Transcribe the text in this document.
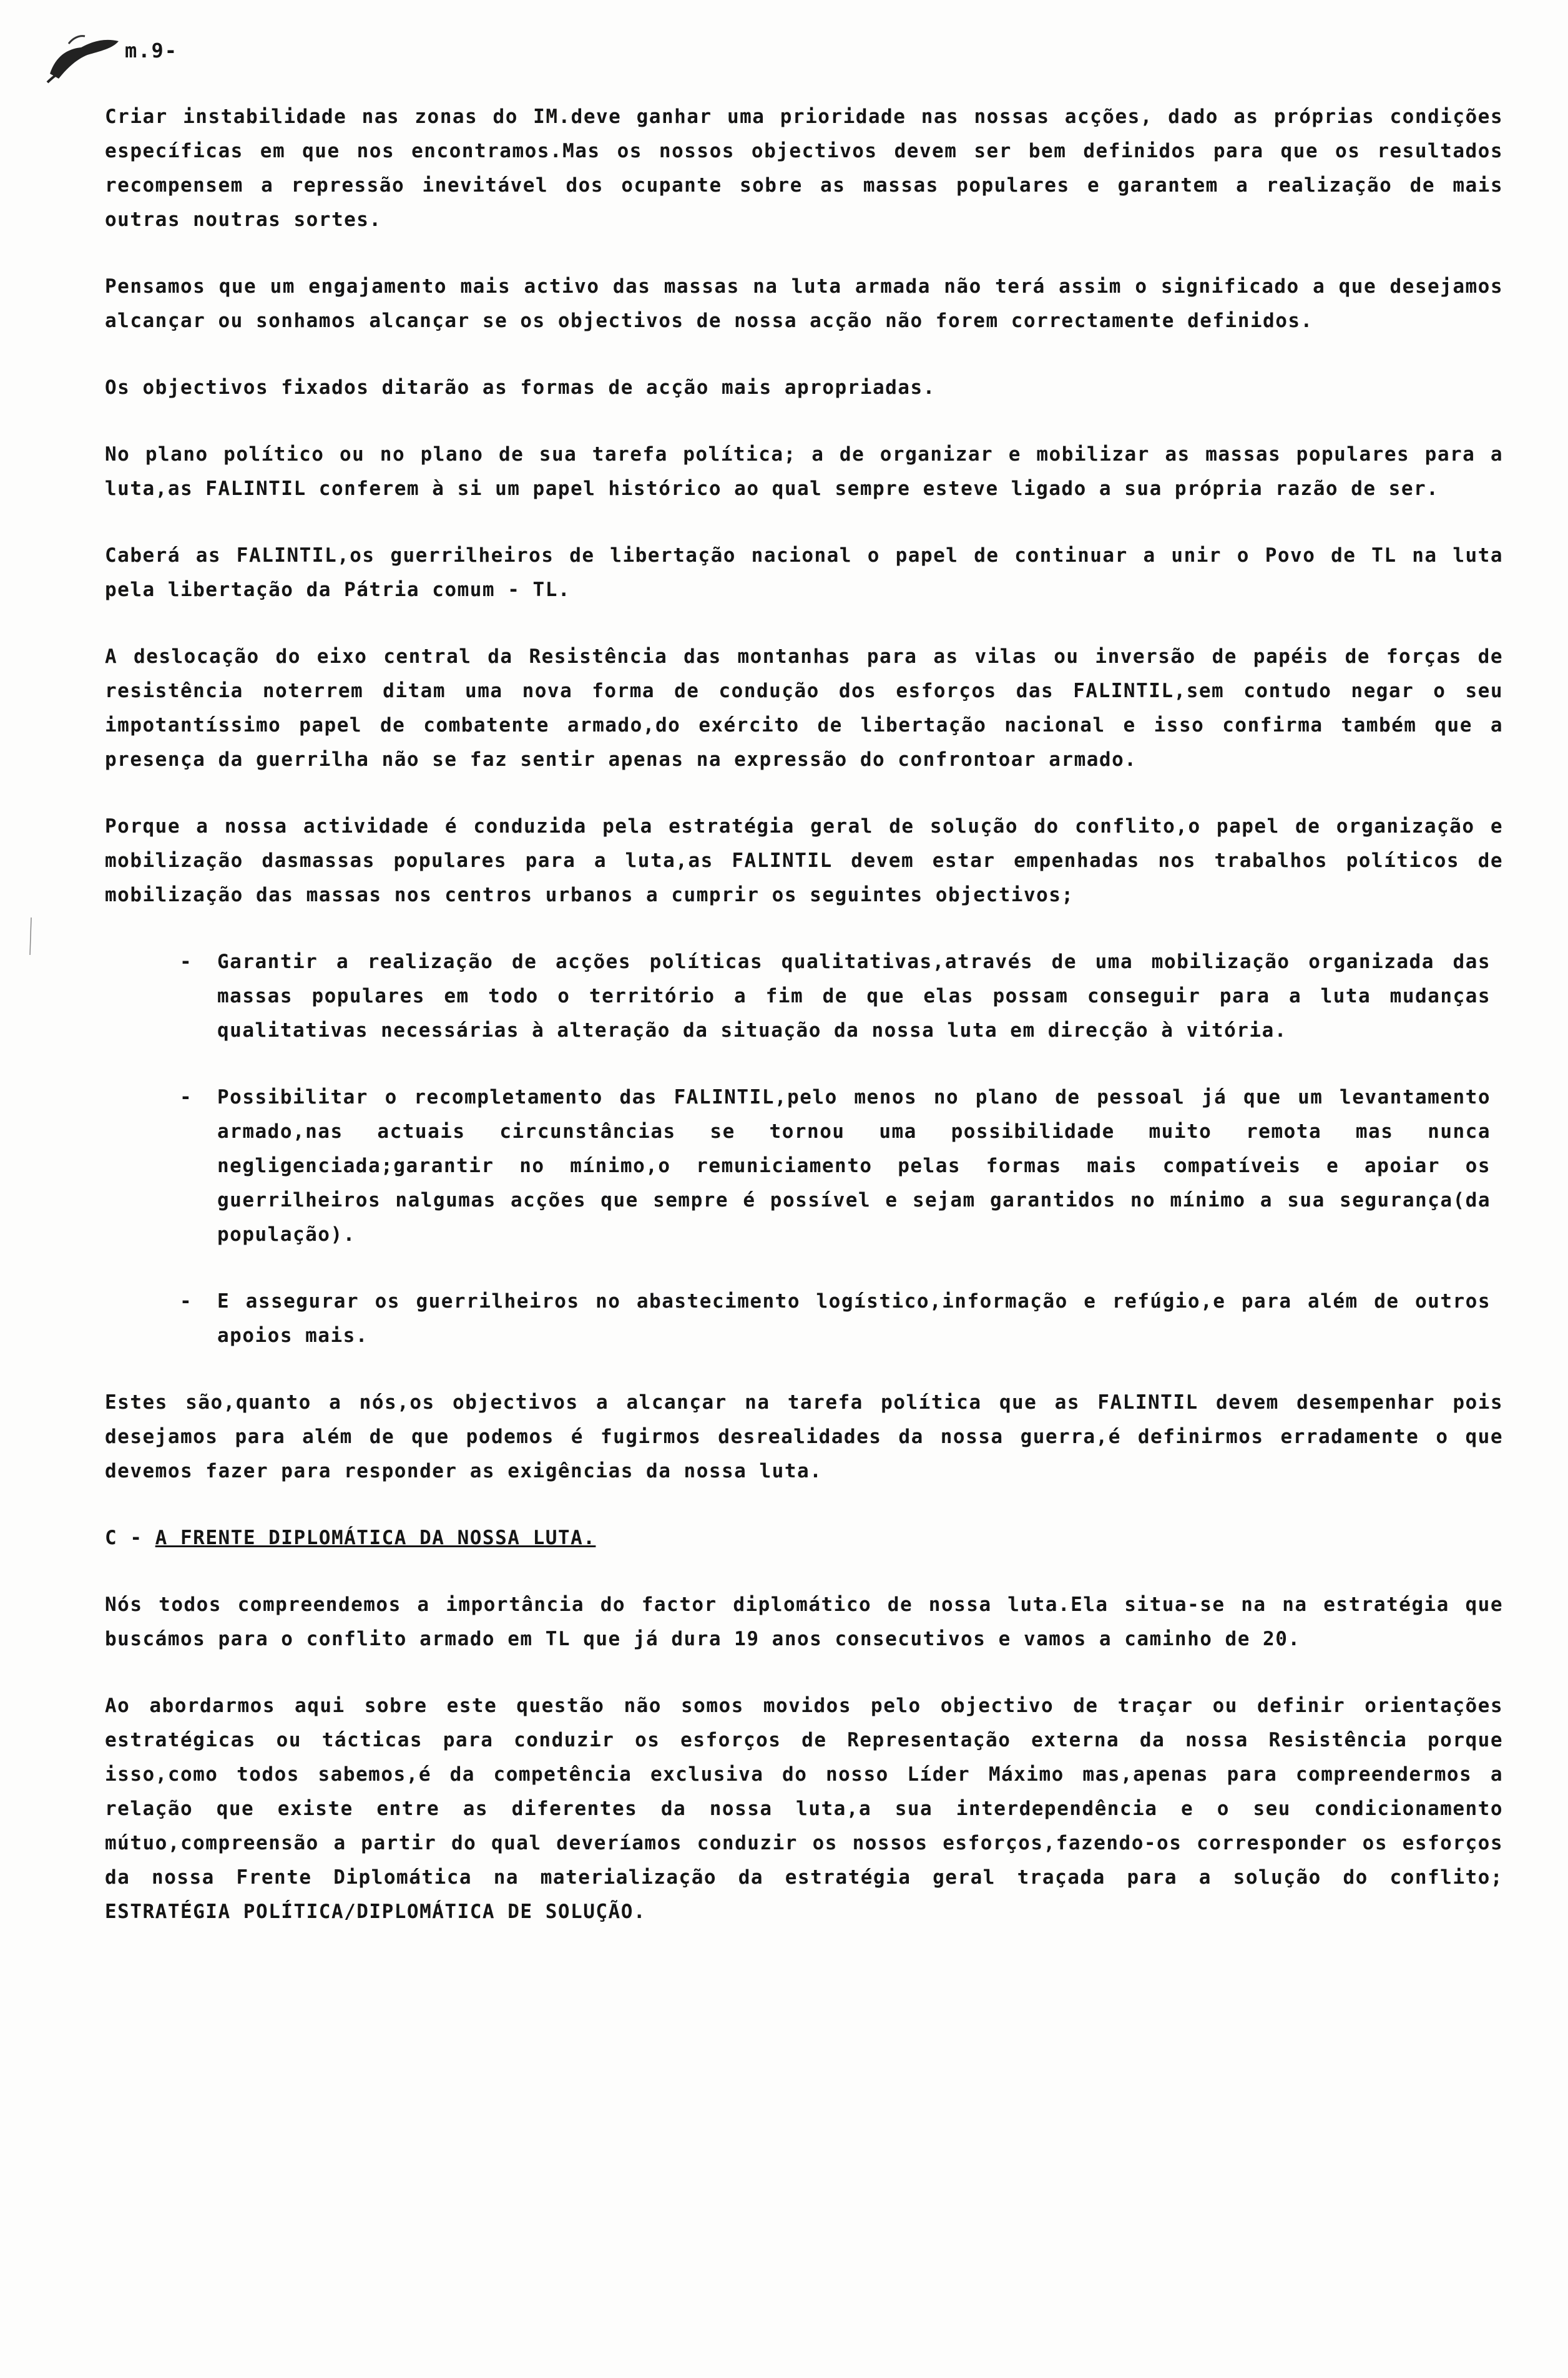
m.9-

Criar instabilidade nas zonas do IM.deve ganhar uma prioridade nas nossas acções, dado as próprias condições específicas em que nos encontramos.Mas os nossos objectivos devem ser bem definidos para que os resultados recompensem a repressão inevitável dos ocupante sobre as massas populares e garantem a realização de mais outras noutras sortes.

Pensamos que um engajamento mais activo das massas na luta armada não terá assim o significado a que desejamos alcançar ou sonhamos alcançar se os objectivos de nossa acção não forem correctamente definidos.

Os objectivos fixados ditarão as formas de acção mais apropriadas.

No plano político ou no plano de sua tarefa política; a de organizar e mobilizar as massas populares para a luta,as FALINTIL conferem à si um papel histórico ao qual sempre esteve ligado a sua própria razão de ser.

Caberá as FALINTIL,os guerrilheiros de libertação nacional o papel de continuar a unir o Povo de TL na luta pela libertação da Pátria comum - TL.

A deslocação do eixo central da Resistência das montanhas para as vilas ou inversão de papéis de forças de resistência noterrem ditam uma nova forma de condução dos esforços das FALINTIL,sem contudo negar o seu impotantíssimo papel de combatente armado,do exército de libertação nacional e isso confirma também que a presença da guerrilha não se faz sentir apenas na expressão do confrontoar armado.

Porque a nossa actividade é conduzida pela estratégia geral de solução do conflito,o papel de organização e mobilização dasmassas populares para a luta,as FALINTIL devem estar empenhadas nos trabalhos políticos de mobilização das massas nos centros urbanos a cumprir os seguintes objectivos;

- Garantir a realização de acções políticas qualitativas,através de uma mobilização organizada das massas populares em todo o território a fim de que elas possam conseguir para a luta mudanças qualitativas necessárias à alteração da situação da nossa luta em direcção à vitória.
- Possibilitar o recompletamento das FALINTIL,pelo menos no plano de pessoal já que um levantamento armado,nas actuais circunstâncias se tornou uma possibilidade muito remota mas nunca negligenciada;garantir no mínimo,o remuniciamento pelas formas mais compatíveis e apoiar os guerrilheiros nalgumas acções que sempre é possível e sejam garantidos no mínimo a sua segurança(da população).
- E assegurar os guerrilheiros no abastecimento logístico,informação e refúgio,e para além de outros apoios mais.

Estes são,quanto a nós,os objectivos a alcançar na tarefa política que as FALINTIL devem desempenhar pois desejamos para além de que podemos é fugirmos desrealidades da nossa guerra,é definirmos erradamente o que devemos fazer para responder as exigências da nossa luta.

C - A FRENTE DIPLOMÁTICA DA NOSSA LUTA.

Nós todos compreendemos a importância do factor diplomático de nossa luta.Ela situa-se na na estratégia que buscámos para o conflito armado em TL que já dura 19 anos consecutivos e vamos a caminho de 20.

Ao abordarmos aqui sobre este questão não somos movidos pelo objectivo de traçar ou definir orientações estratégicas ou tácticas para conduzir os esforços de Representação externa da nossa Resistência porque isso,como todos sabemos,é da competência exclusiva do nosso Líder Máximo mas,apenas para compreendermos a relação que existe entre as diferentes da nossa luta,a sua interdependência e o seu condicionamento mútuo,compreensão a partir do qual deveríamos conduzir os nossos esforços,fazendo-os corresponder os esforços da nossa Frente Diplomática na materialização da estratégia geral traçada para a solução do conflito; ESTRATÉGIA POLÍTICA/DIPLOMÁTICA DE SOLUÇÃO.
